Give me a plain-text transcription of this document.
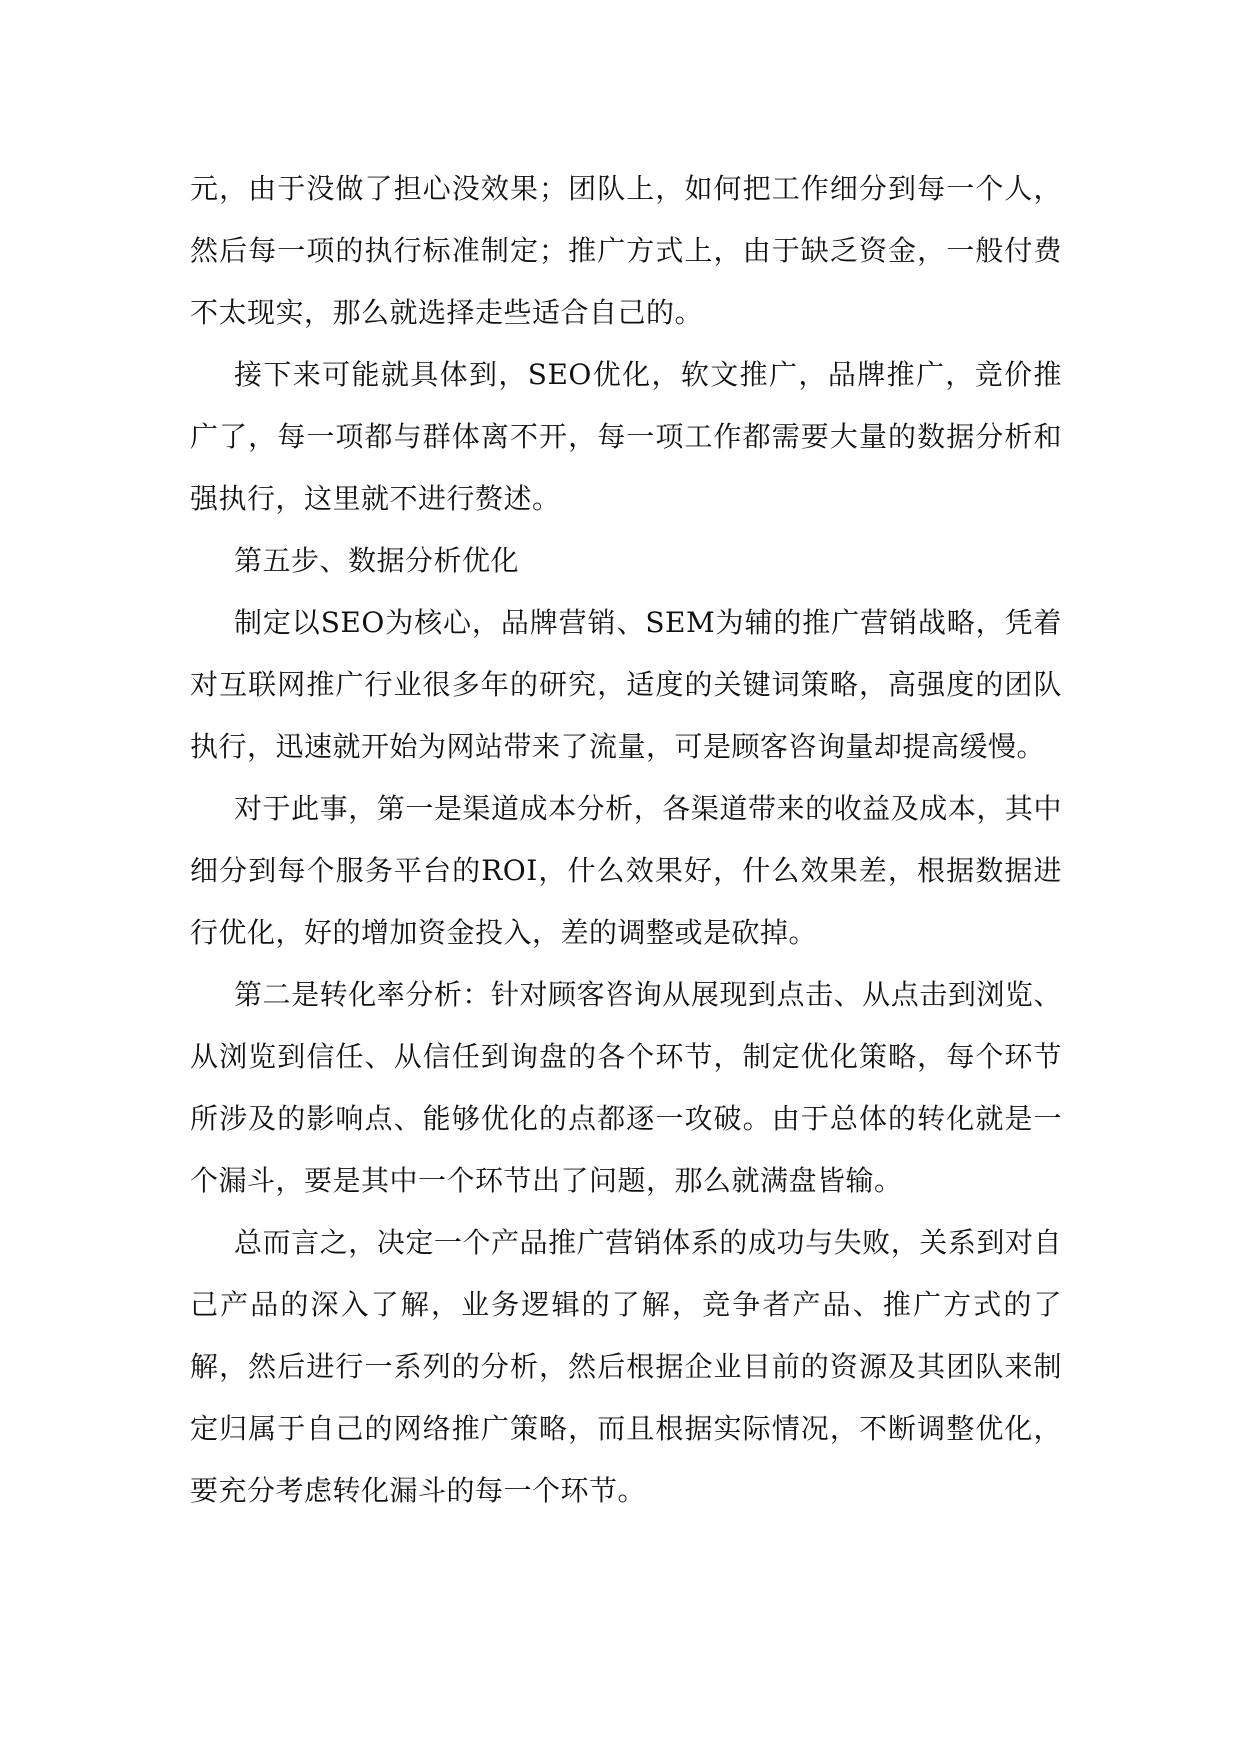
元，由于没做了担心没效果；团队上，如何把工作细分到每一个人，然后每一项的执行标准制定；推广方式上，由于缺乏资金，一般付费不太现实，那么就选择走些适合自己的。

接下来可能就具体到，SEO优化，软文推广，品牌推广，竞价推广了，每一项都与群体离不开，每一项工作都需要大量的数据分析和强执行，这里就不进行赘述。

第五步、数据分析优化

制定以SEO为核心，品牌营销、SEM为辅的推广营销战略，凭着对互联网推广行业很多年的研究，适度的关键词策略，高强度的团队执行，迅速就开始为网站带来了流量，可是顾客咨询量却提高缓慢。

对于此事，第一是渠道成本分析，各渠道带来的收益及成本，其中细分到每个服务平台的ROI，什么效果好，什么效果差，根据数据进行优化，好的增加资金投入，差的调整或是砍掉。

第二是转化率分析：针对顾客咨询从展现到点击、从点击到浏览、从浏览到信任、从信任到询盘的各个环节，制定优化策略，每个环节所涉及的影响点、能够优化的点都逐一攻破。由于总体的转化就是一个漏斗，要是其中一个环节出了问题，那么就满盘皆输。

总而言之，决定一个产品推广营销体系的成功与失败，关系到对自己产品的深入了解，业务逻辑的了解，竞争者产品、推广方式的了解，然后进行一系列的分析，然后根据企业目前的资源及其团队来制定归属于自己的网络推广策略，而且根据实际情况，不断调整优化，要充分考虑转化漏斗的每一个环节。
